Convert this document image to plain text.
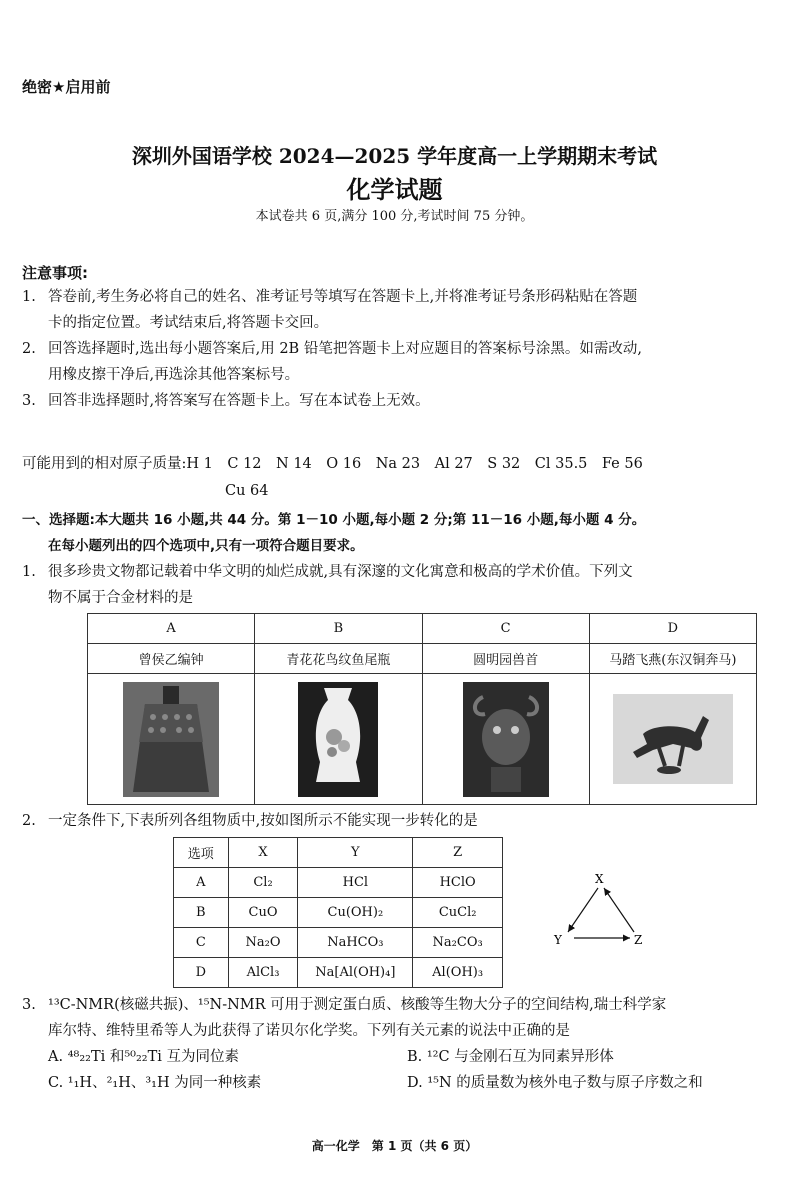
绝密★启用前
深圳外国语学校 2024—2025 学年度高一上学期期末考试
化学试题
本试卷共 6 页,满分 100 分,考试时间 75 分钟。
注意事项:
1. 答卷前,考生务必将自己的姓名、准考证号等填写在答题卡上,并将准考证号条形码粘贴在答题
卡的指定位置。考试结束后,将答题卡交回。
2. 回答选择题时,选出每小题答案后,用 2B 铅笔把答题卡上对应题目的答案标号涂黑。如需改动,
用橡皮擦干净后,再选涂其他答案标号。
3. 回答非选择题时,将答案写在答题卡上。写在本试卷上无效。
可能用到的相对原子质量:H 1　C 12　N 14　O 16　Na 23　Al 27　S 32　Cl 35.5　Fe 56
Cu 64
一、选择题:本大题共 16 小题,共 44 分。第 1－10 小题,每小题 2 分;第 11－16 小题,每小题 4 分。
在每小题列出的四个选项中,只有一项符合题目要求。
1. 很多珍贵文物都记载着中华文明的灿烂成就,具有深邃的文化寓意和极高的学术价值。下列文
物不属于合金材料的是
A	B	C	D
曾侯乙编钟	青花花鸟纹鱼尾瓶	圆明园兽首	马踏飞燕(东汉铜奔马)

2. 一定条件下,下表所列各组物质中,按如图所示不能实现一步转化的是
选项	X	Y	Z
A	Cl₂	HCl	HClO
B	CuO	Cu(OH)₂	CuCl₂
C	Na₂O	NaHCO₃	Na₂CO₃
D	AlCl₃	Na[Al(OH)₄]	Al(OH)₃
X
Y	Z
3. ¹³C-NMR(核磁共振)、¹⁵N-NMR 可用于测定蛋白质、核酸等生物大分子的空间结构,瑞士科学家
库尔特、维特里希等人为此获得了诺贝尔化学奖。下列有关元素的说法中正确的是
A. ⁴⁸₂₂Ti 和⁵⁰₂₂Ti 互为同位素	B. ¹²C 与金刚石互为同素异形体
C. ¹₁H、²₁H、³₁H 为同一种核素	D. ¹⁵N 的质量数为核外电子数与原子序数之和
高一化学　第 1 页（共 6 页）
